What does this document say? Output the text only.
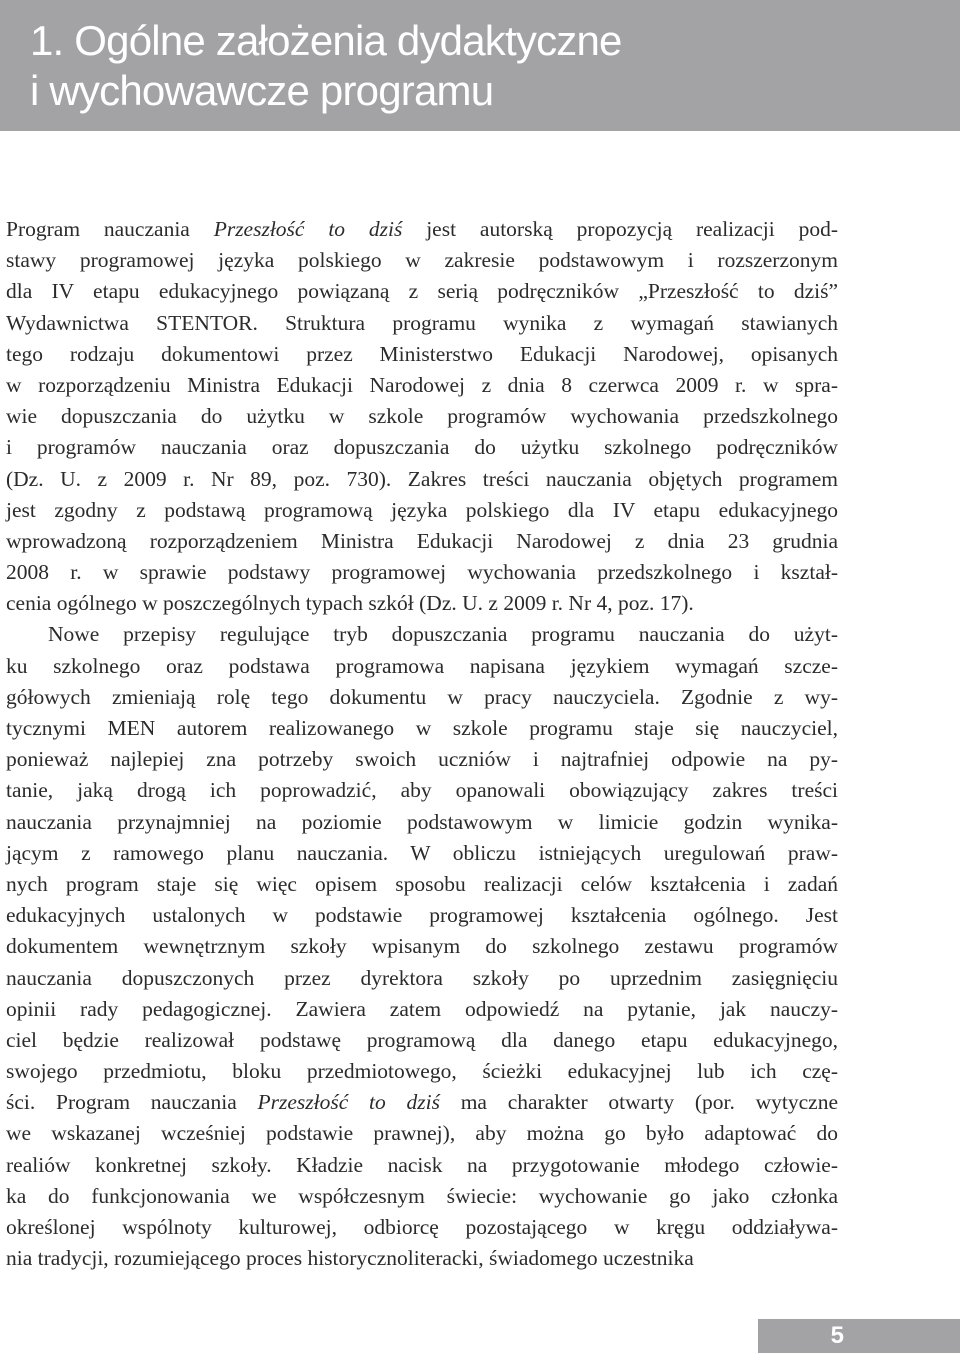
1. Ogólne założenia dydaktyczne
i wychowawcze programu
Program nauczania Przeszłość to dziś jest autorską propozycją realizacji pod-
stawy programowej języka polskiego w zakresie podstawowym i rozszerzonym
dla IV etapu edukacyjnego powiązaną z serią podręczników „Przeszłość to dziś”
Wydawnictwa STENTOR. Struktura programu wynika z wymagań stawianych
tego rodzaju dokumentowi przez Ministerstwo Edukacji Narodowej, opisanych
w rozporządzeniu Ministra Edukacji Narodowej z dnia 8 czerwca 2009 r. w spra-
wie dopuszczania do użytku w szkole programów wychowania przedszkolnego
i programów nauczania oraz dopuszczania do użytku szkolnego podręczników
(Dz. U. z 2009 r. Nr 89, poz. 730). Zakres treści nauczania objętych programem
jest zgodny z podstawą programową języka polskiego dla IV etapu edukacyjnego
wprowadzoną rozporządzeniem Ministra Edukacji Narodowej z dnia 23 grudnia
2008 r. w sprawie podstawy programowej wychowania przedszkolnego i kształ-
cenia ogólnego w poszczególnych typach szkół (Dz. U. z 2009 r. Nr 4, poz. 17).
Nowe przepisy regulujące tryb dopuszczania programu nauczania do użyt-
ku szkolnego oraz podstawa programowa napisana językiem wymagań szcze-
gółowych zmieniają rolę tego dokumentu w pracy nauczyciela. Zgodnie z wy-
tycznymi MEN autorem realizowanego w szkole programu staje się nauczyciel,
ponieważ najlepiej zna potrzeby swoich uczniów i najtrafniej odpowie na py-
tanie, jaką drogą ich poprowadzić, aby opanowali obowiązujący zakres treści
nauczania przynajmniej na poziomie podstawowym w limicie godzin wynika-
jącym z ramowego planu nauczania. W obliczu istniejących uregulowań praw-
nych program staje się więc opisem sposobu realizacji celów kształcenia i zadań
edukacyjnych ustalonych w podstawie programowej kształcenia ogólnego. Jest
dokumentem wewnętrznym szkoły wpisanym do szkolnego zestawu programów
nauczania dopuszczonych przez dyrektora szkoły po uprzednim zasięgnięciu
opinii rady pedagogicznej. Zawiera zatem odpowiedź na pytanie, jak nauczy-
ciel będzie realizował podstawę programową dla danego etapu edukacyjnego,
swojego przedmiotu, bloku przedmiotowego, ścieżki edukacyjnej lub ich czę-
ści. Program nauczania Przeszłość to dziś ma charakter otwarty (por. wytyczne
we wskazanej wcześniej podstawie prawnej), aby można go było adaptować do
realiów konkretnej szkoły. Kładzie nacisk na przygotowanie młodego człowie-
ka do funkcjonowania we współczesnym świecie: wychowanie go jako członka
określonej wspólnoty kulturowej, odbiorcę pozostającego w kręgu oddziaływa-
nia tradycji, rozumiejącego proces historycznoliteracki, świadomego uczestnika
5
